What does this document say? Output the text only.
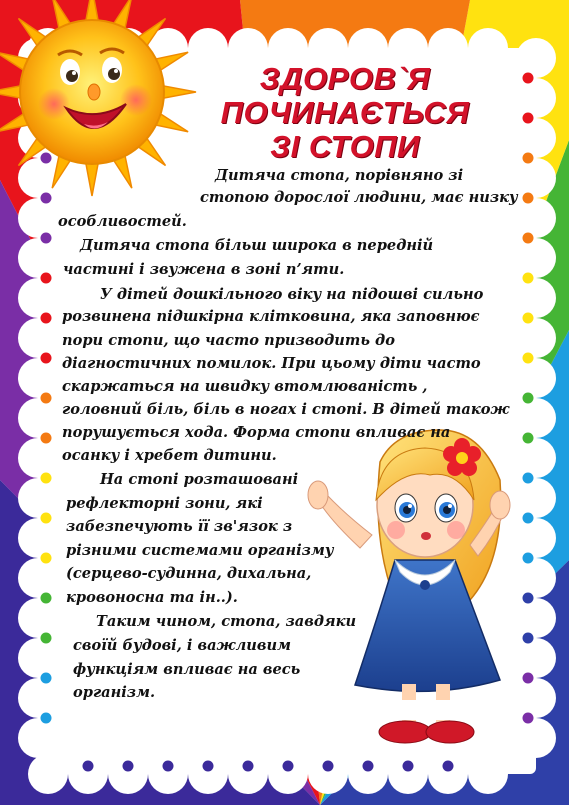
ЗДОРОВ`Я
ПОЧИНАЄТЬСЯ
ЗІ СТОПИ
Дитяча стопа, порівняно зі
стопою дорослої людини, має низку
особливостей.
Дитяча стопа більш широка в передній
частині і звужена в зоні п’яти.
У дітей дошкільного віку на підошві сильно
розвинена підшкірна клітковина, яка заповнює
пори стопи, що часто призводить до
діагностичних помилок. При цьому діти часто
скаржаться на швидку втомлюваність ,
головний біль, біль в ногах і стопі. В дітей також
порушується хода. Форма стопи впливає на
осанку і хребет дитини.
На стопі розташовані
рефлекторні зони, які
забезпечують її зв'язок з
різними системами організму
(серцево-судинна, дихальна,
кровоносна та ін..).
Таким чином, стопа, завдяки
своїй будові, і важливим
функціям впливає на весь
організм.
